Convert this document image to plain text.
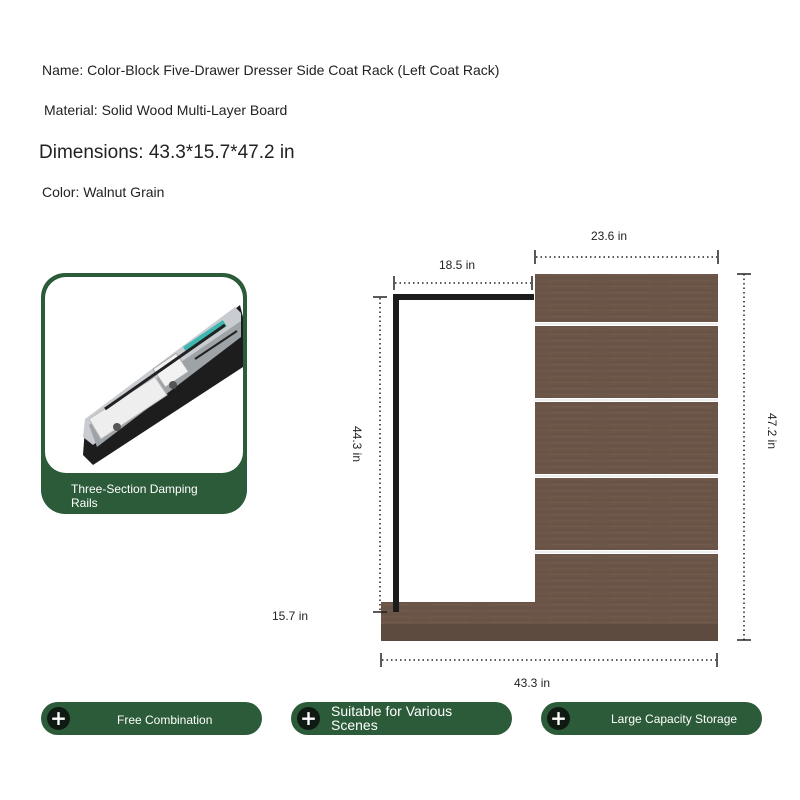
Name: Color-Block Five-Drawer Dresser Side Coat Rack (Left Coat Rack)
Material: Solid Wood Multi-Layer Board
Dimensions: 43.3*15.7*47.2 in
Color: Walnut Grain
Three-Section Damping Rails
23.6 in
18.5 in
44.3 in	47.2 in
15.7 in
43.3 in
+	Free Combination	+ Suitable for Various Scenes	+	Large Capacity Storage
